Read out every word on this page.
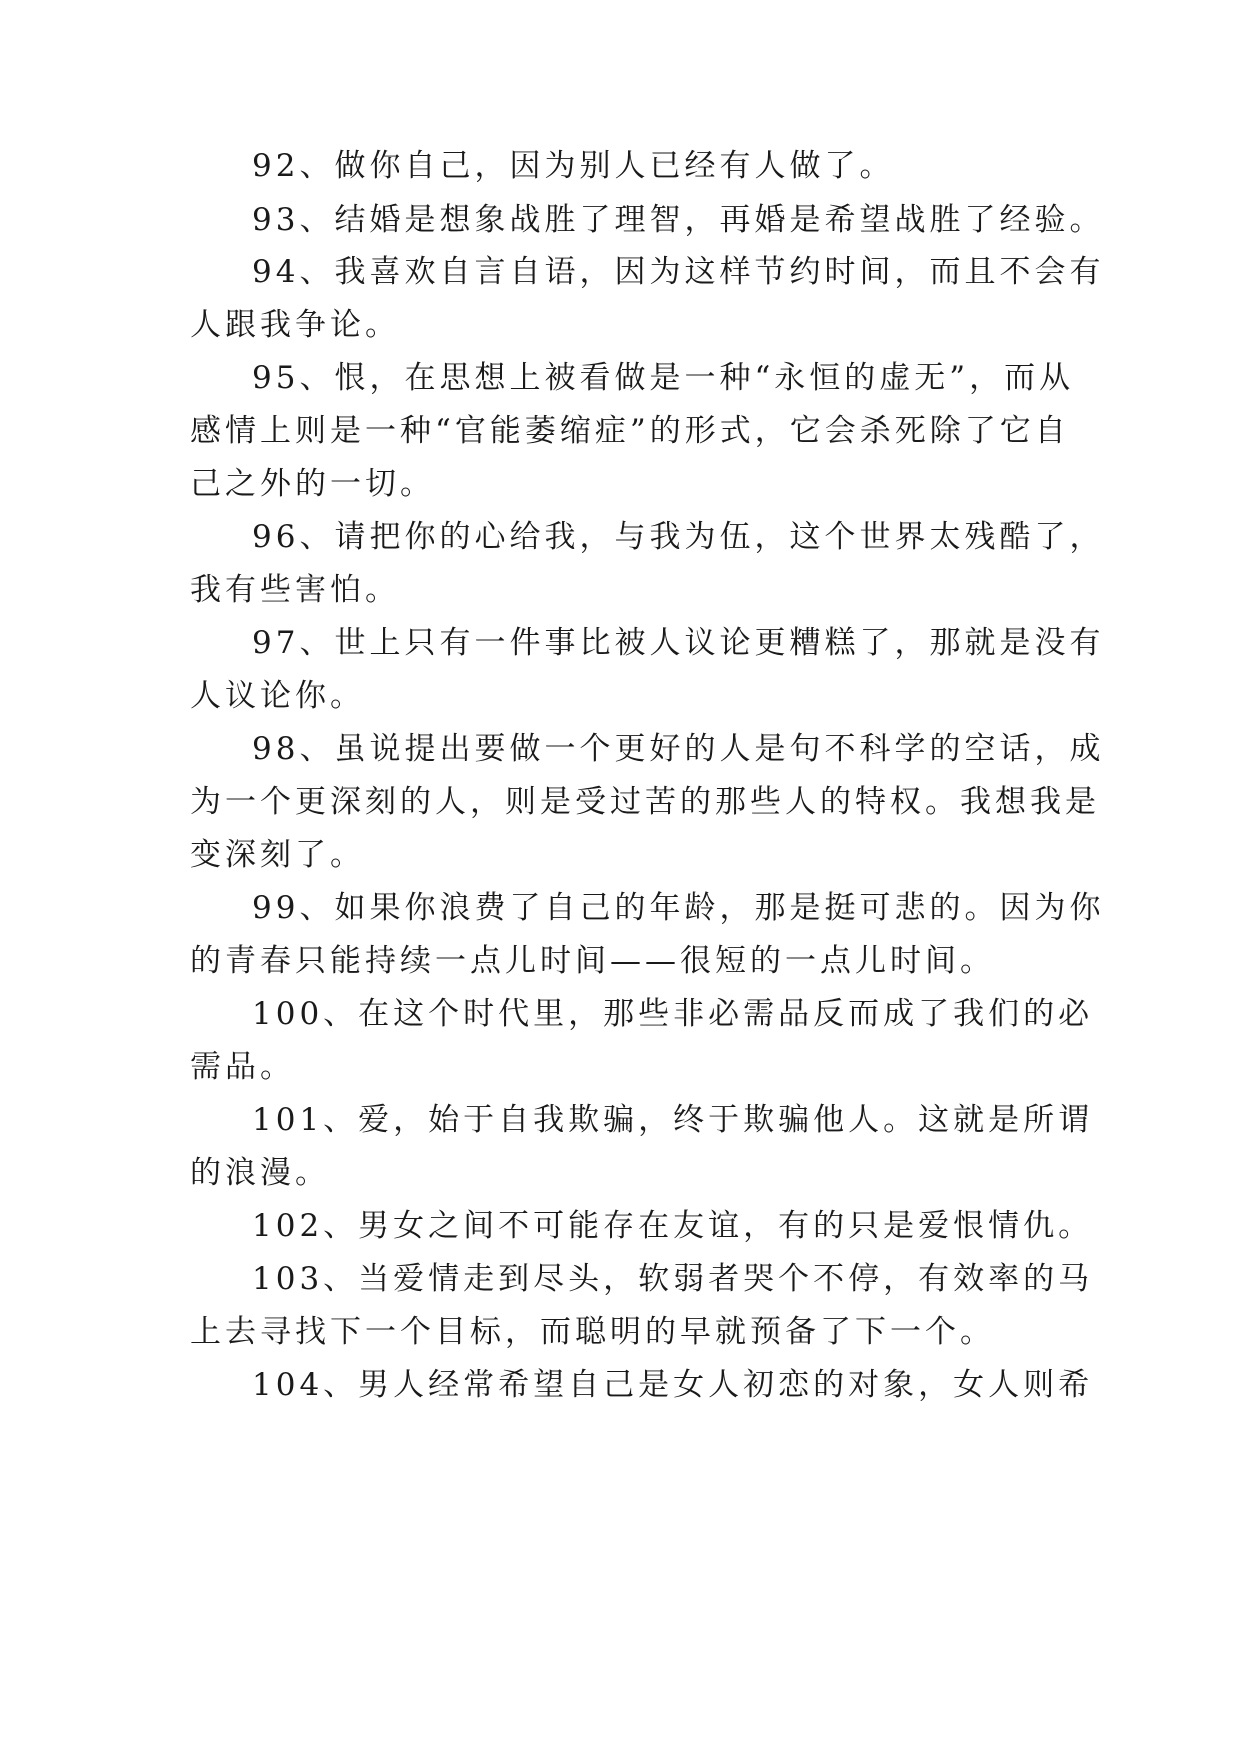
92、做你自己，因为别人已经有人做了。
93、结婚是想象战胜了理智，再婚是希望战胜了经验。
94、我喜欢自言自语，因为这样节约时间，而且不会有
人跟我争论。
95、恨，在思想上被看做是一种“永恒的虚无”，而从
感情上则是一种“官能萎缩症”的形式，它会杀死除了它自
己之外的一切。
96、请把你的心给我，与我为伍，这个世界太残酷了，
我有些害怕。
97、世上只有一件事比被人议论更糟糕了，那就是没有
人议论你。
98、虽说提出要做一个更好的人是句不科学的空话，成
为一个更深刻的人，则是受过苦的那些人的特权。我想我是
变深刻了。
99、如果你浪费了自己的年龄，那是挺可悲的。因为你
的青春只能持续一点儿时间——很短的一点儿时间。
100、在这个时代里，那些非必需品反而成了我们的必
需品。
101、爱，始于自我欺骗，终于欺骗他人。这就是所谓
的浪漫。
102、男女之间不可能存在友谊，有的只是爱恨情仇。
103、当爱情走到尽头，软弱者哭个不停，有效率的马
上去寻找下一个目标，而聪明的早就预备了下一个。
104、男人经常希望自己是女人初恋的对象，女人则希
